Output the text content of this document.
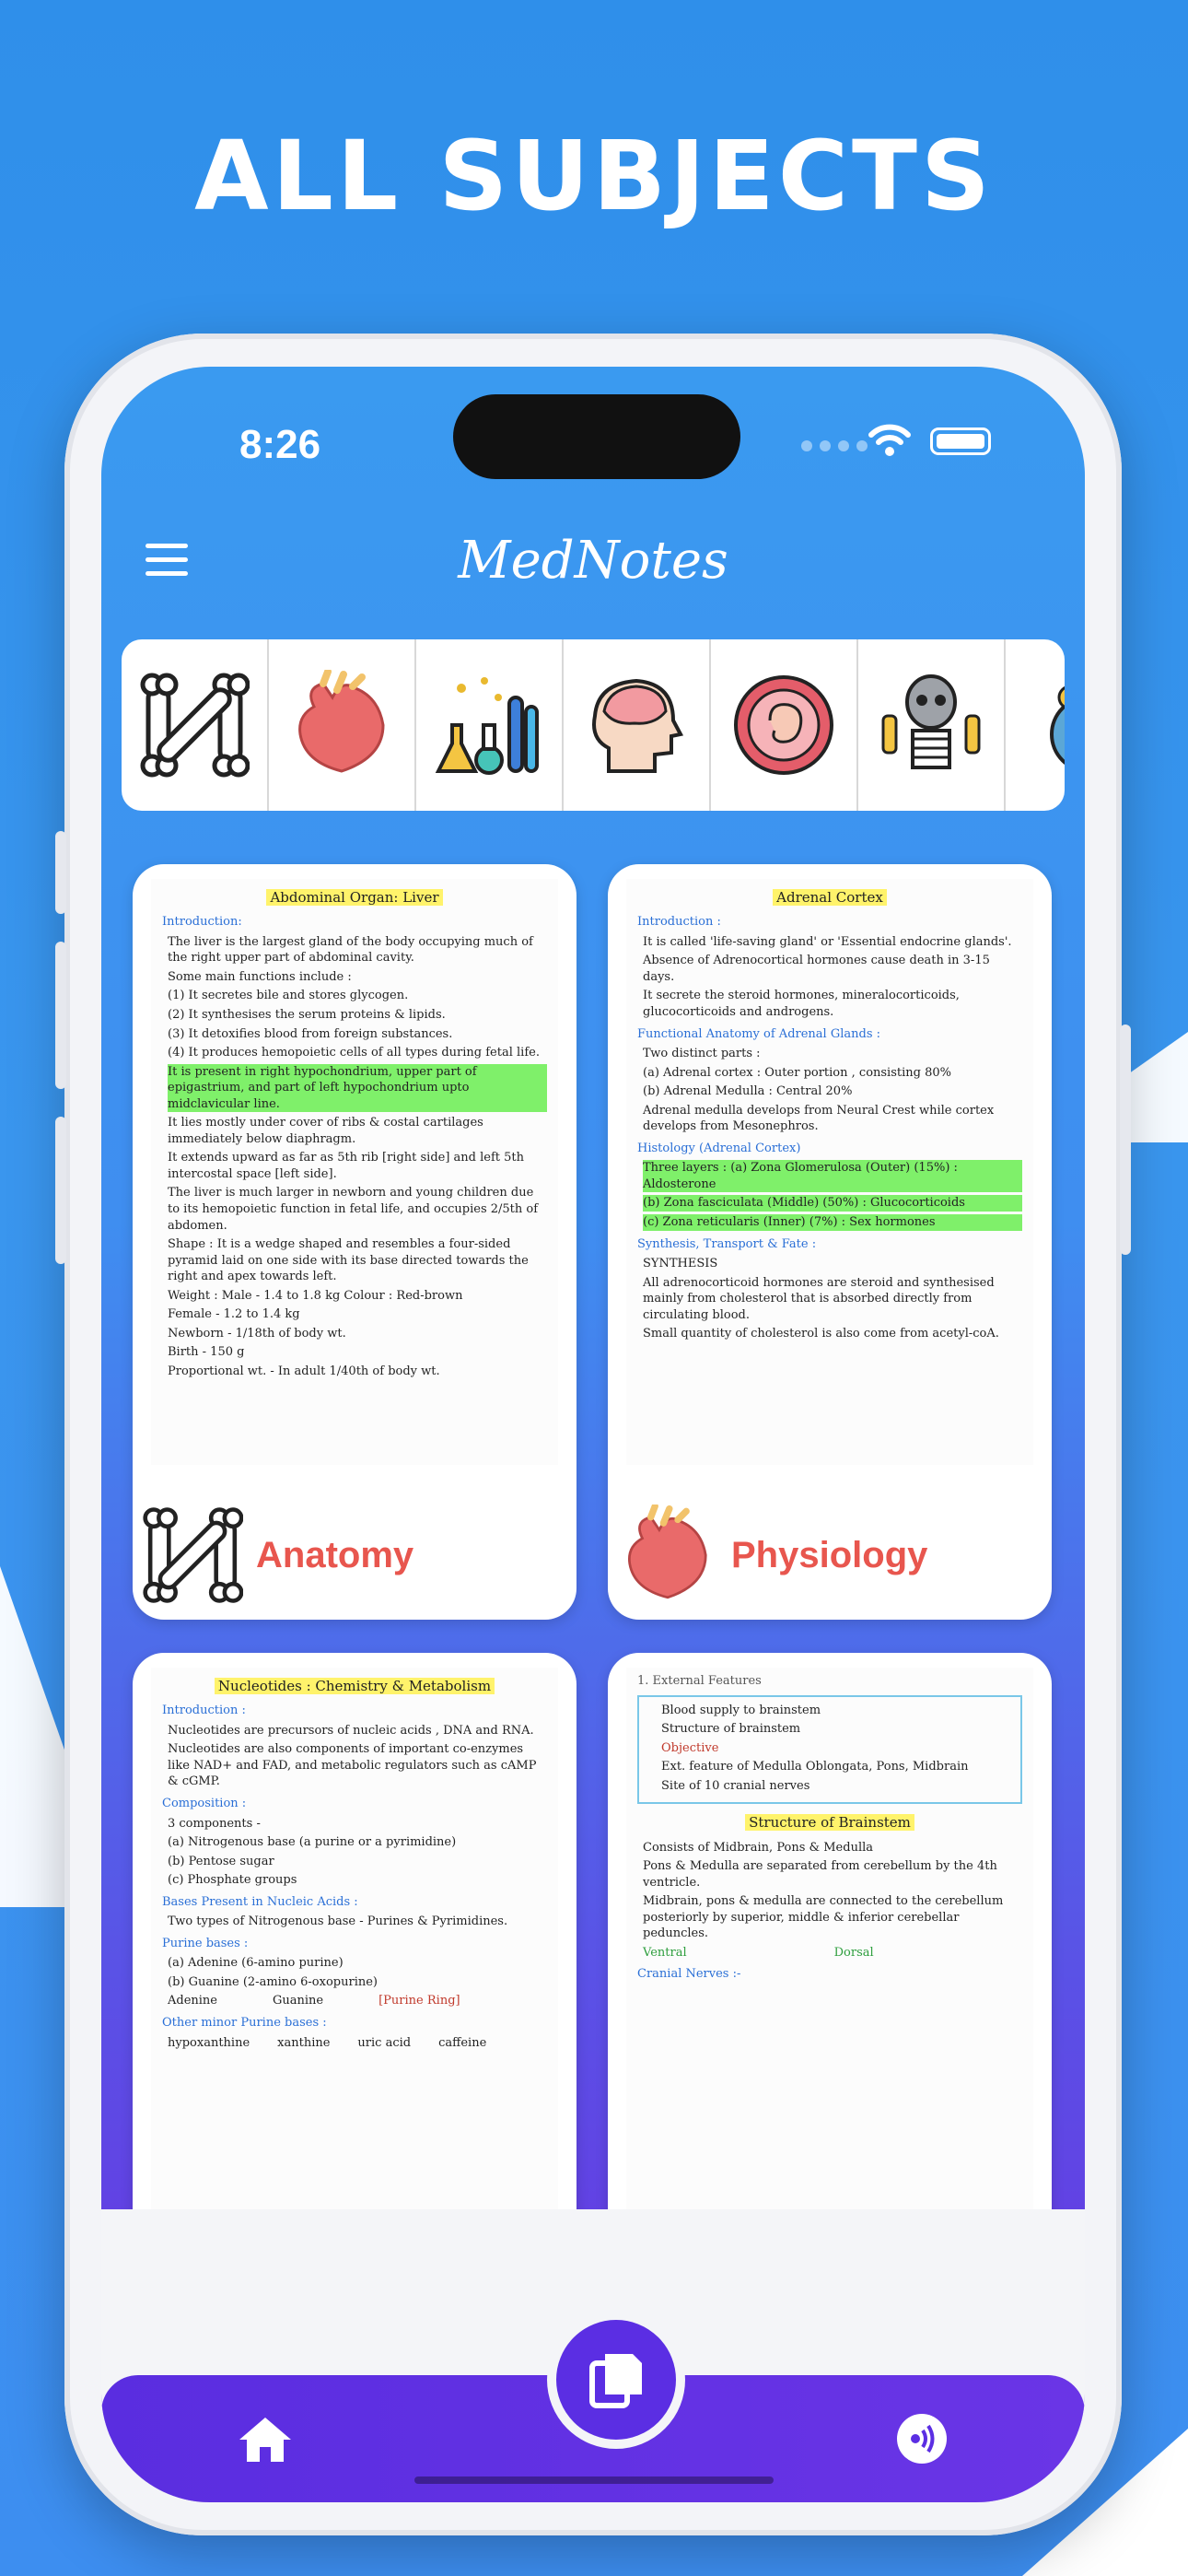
ALL SUBJECTS
8:26
MedNotes
Abdominal Organ: Liver
Introduction:
The liver is the largest gland of the body occupying much of the right upper part of abdominal cavity.
Some main functions include :
(1) It secretes bile and stores glycogen.
(2) It synthesises the serum proteins & lipids.
(3) It detoxifies blood from foreign substances.
(4) It produces hemopoietic cells of all types during fetal life.
It is present in right hypochondrium, upper part of epigastrium, and part of left hypochondrium upto midclavicular line.
It lies mostly under cover of ribs & costal cartilages immediately below diaphragm.
It extends upward as far as 5th rib [right side] and left 5th intercostal space [left side].
The liver is much larger in newborn and young children due to its hemopoietic function in fetal life, and occupies 2/5th of abdomen.
Shape : It is a wedge shaped and resembles a four-sided pyramid laid on one side with its base directed towards the right and apex towards left.
Weight : Male - 1.4 to 1.8 kg Colour : Red-brown
Female - 1.2 to 1.4 kg
Newborn - 1/18th of body wt.
Birth - 150 g
Proportional wt. - In adult 1/40th of body wt.
Anatomy
Adrenal Cortex
Introduction :
It is called 'life-saving gland' or 'Essential endocrine glands'.
Absence of Adrenocortical hormones cause death in 3-15 days.
It secrete the steroid hormones, mineralocorticoids, glucocorticoids and androgens.
Functional Anatomy of Adrenal Glands :
Two distinct parts :
(a) Adrenal cortex : Outer portion , consisting 80%
(b) Adrenal Medulla : Central 20%
Adrenal medulla develops from Neural Crest while cortex develops from Mesonephros.
Histology (Adrenal Cortex)
Three layers : (a) Zona Glomerulosa (Outer) (15%) : Aldosterone
(b) Zona fasciculata (Middle) (50%) : Glucocorticoids
(c) Zona reticularis (Inner) (7%) : Sex hormones
Synthesis, Transport & Fate :
SYNTHESIS
All adrenocorticoid hormones are steroid and synthesised mainly from cholesterol that is absorbed directly from circulating blood.
Small quantity of cholesterol is also come from acetyl-coA.
Physiology
Nucleotides : Chemistry & Metabolism
Introduction :
Nucleotides are precursors of nucleic acids , DNA and RNA.
Nucleotides are also components of important co-enzymes like NAD+ and FAD, and metabolic regulators such as cAMP & cGMP.
Composition :
3 components -
(a) Nitrogenous base (a purine or a pyrimidine)
(b) Pentose sugar
(c) Phosphate groups
Bases Present in Nucleic Acids :
Two types of Nitrogenous base - Purines & Pyrimidines.
Purine bases :
(a) Adenine (6-amino purine)
(b) Guanine (2-amino 6-oxopurine)
Adenine	Guanine	[Purine Ring]
Other minor Purine bases :
hypoxanthine xanthine uric acid caffeine
1. External Features
Blood supply to brainstem
Structure of brainstem
Objective
Ext. feature of Medulla Oblongata, Pons, Midbrain
Site of 10 cranial nerves
Structure of Brainstem
Consists of Midbrain, Pons & Medulla
Pons & Medulla are separated from cerebellum by the 4th ventricle.
Midbrain, pons & medulla are connected to the cerebellum posteriorly by superior, middle & inferior cerebellar peduncles.
Ventral	Dorsal
Cranial Nerves :-
